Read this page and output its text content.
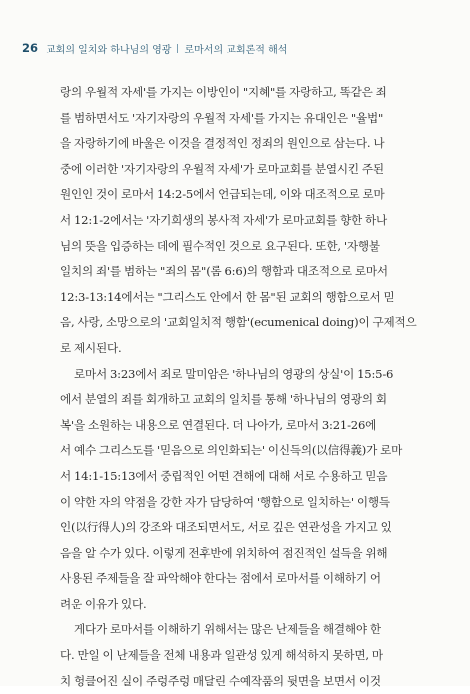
26 교회의 일치와 하나님의 영광 로마서의 교회론적 해석
랑의 우월적 자세'를 가지는 이방인이 "지혜"를 자랑하고, 똑같은 죄
를 범하면서도 '자기자랑의 우월적 자세'를 가지는 유대인은 "율법"
을 자랑하기에 바울은 이것을 결정적인 정죄의 원인으로 삼는다. 나
중에 이러한 '자기자랑의 우월적 자세'가 로마교회를 분열시킨 주된
원인인 것이 로마서 14:2-5에서 언급되는데, 이와 대조적으로 로마
서 12:1-2에서는 '자기희생의 봉사적 자세'가 로마교회를 향한 하나
님의 뜻을 입증하는 데에 필수적인 것으로 요구된다. 또한, '자행불
일치의 죄'를 범하는 "죄의 몸"(롬 6:6)의 행함과 대조적으로 로마서
12:3-13:14에서는 "그리스도 안에서 한 몸"된 교회의 행함으로서 믿
음, 사랑, 소망으로의 '교회일치적 행함'(ecumenical doing)이 구제적으
로 제시된다.
로마서 3:23에서 죄로 말미암은 '하나님의 영광의 상실'이 15:5-6
에서 분열의 죄를 회개하고 교회의 일치를 통해 '하나님의 영광의 회
복'을 소원하는 내용으로 연결된다. 더 나아가, 로마서 3:21-26에
서 예수 그리스도를 '믿음으로 의인화되는' 이신득의(以信得義)가 로마
서 14:1-15:13에서 중립적인 어떤 견해에 대해 서로 수용하고 믿음
이 약한 자의 약점을 강한 자가 담당하여 '행함으로 일치하는' 이행득
인(以行得人)의 강조와 대조되면서도, 서로 깊은 연관성을 가지고 있
음을 알 수가 있다. 이렇게 전후반에 위치하여 점진적인 설득을 위해
사용된 주제들을 잘 파악해야 한다는 점에서 로마서를 이해하기 어
려운 이유가 있다.
게다가 로마서를 이해하기 위해서는 많은 난제들을 해결해야 한
다. 만일 이 난제들을 전체 내용과 일관성 있게 해석하지 못하면, 마
치 헝클어진 실이 주렁주렁 매달린 수예작품의 뒷면을 보면서 이것
